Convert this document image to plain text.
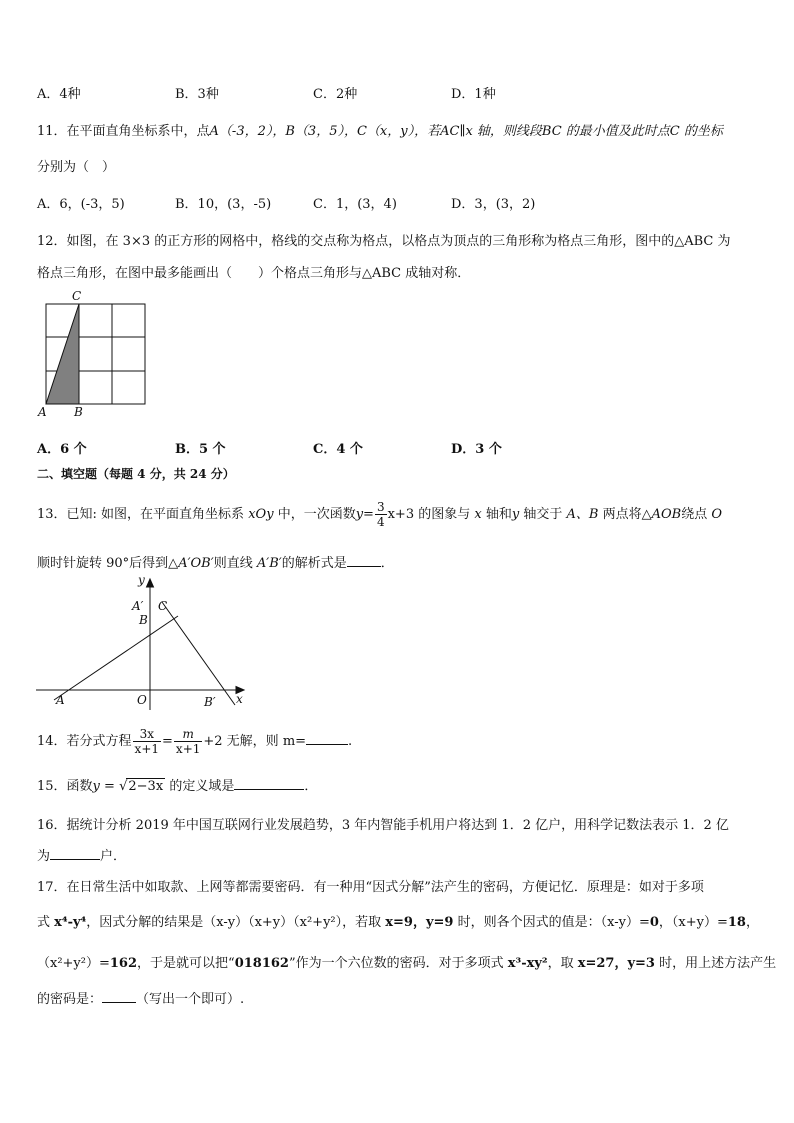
A．4种	B．3种	C．2种	D．1种
11．在平面直角坐标系中，点A（-3，2），B（3，5），C（x，y），若AC∥x 轴，则线段BC 的最小值及此时点C 的坐标
分别为（　）
A．6，(-3，5)	B．10，(3，-5)	C．1，(3，4)	D．3，(3，2)
12．如图，在 3×3 的正方形的网格中，格线的交点称为格点，以格点为顶点的三角形称为格点三角形，图中的△ABC 为
格点三角形，在图中最多能画出（　　）个格点三角形与△ABC 成轴对称．
A B
C
A．6 个	B．5 个	C．4 个	D．3 个
二、填空题（每题 4 分，共 24 分）
13．已知: 如图，在平面直角坐标系 xOy 中，一次函数$y= \frac{3}{4} x+3$ 的图象与 x 轴和y 轴交于 A、B 两点将△AOB绕点 O
顺时针旋转 90°后得到△A′OB′则直线 A′B′的解析式是	．
y
x
O
A
B
C
A′
B′
14．若分式方程 $\frac{3x}{x+1} = \frac{m}{x+1} +2$ 无解，则 m=	.
15．函数y = √2−3x 的定义域是	．
16．据统计分析 2019 年中国互联网行业发展趋势，3 年内智能手机用户将达到 1．2 亿户，用科学记数法表示 1．2 亿
为	户．
17．在日常生活中如取款、上网等都需要密码．有一种用“因式分解”法产生的密码，方便记忆．原理是：如对于多项
式 x⁴-y⁴，因式分解的结果是（x-y）（x+y）（x²+y²），若取 x=9，y=9 时，则各个因式的值是：（x-y）=0，（x+y）=18，
（x²+y²）=162，于是就可以把“018162”作为一个六位数的密码．对于多项式 x³-xy²，取 x=27，y=3 时，用上述方法产生
的密码是：	（写出一个即可）.
